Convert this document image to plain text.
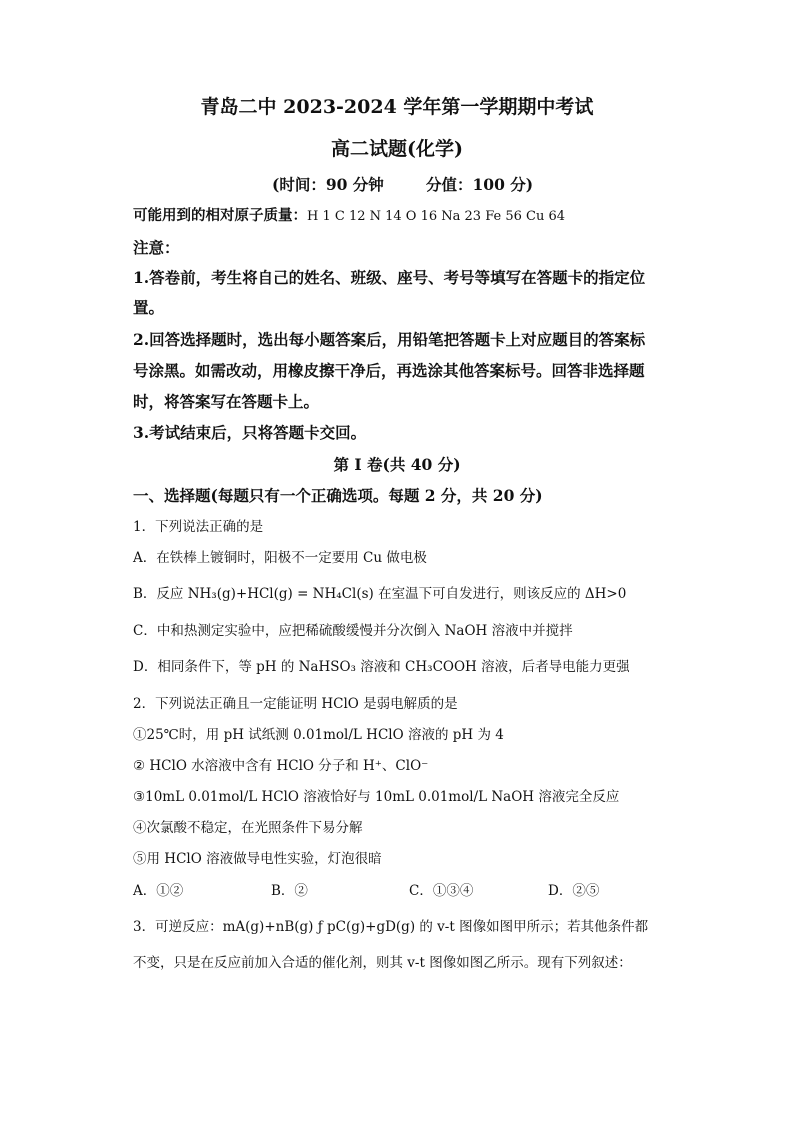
青岛二中 2023-2024 学年第一学期期中考试
高二试题(化学)
(时间：90 分钟	分值：100 分)
可能用到的相对原子质量：H 1 C 12 N 14 O 16 Na 23 Fe 56 Cu 64
注意：
1.答卷前，考生将自己的姓名、班级、座号、考号等填写在答题卡的指定位
置。
2.回答选择题时，选出每小题答案后，用铅笔把答题卡上对应题目的答案标
号涂黑。如需改动，用橡皮擦干净后，再选涂其他答案标号。回答非选择题
时，将答案写在答题卡上。
3.考试结束后，只将答题卡交回。
第 I 卷(共 40 分)
一、选择题(每题只有一个正确选项。每题 2 分，共 20 分)
1．下列说法正确的是
A．在铁棒上镀铜时，阳极不一定要用 Cu 做电极
B．反应 NH₃(g)+HCl(g) = NH₄Cl(s) 在室温下可自发进行，则该反应的 ΔH>0
C．中和热测定实验中，应把稀硫酸缓慢并分次倒入 NaOH 溶液中并搅拌
D．相同条件下，等 pH 的 NaHSO₃ 溶液和 CH₃COOH 溶液，后者导电能力更强
2．下列说法正确且一定能证明 HClO 是弱电解质的是
①25℃时，用 pH 试纸测 0.01mol/L HClO 溶液的 pH 为 4
② HClO 水溶液中含有 HClO 分子和 H⁺、ClO⁻
③10mL 0.01mol/L HClO 溶液恰好与 10mL 0.01mol/L NaOH 溶液完全反应
④次氯酸不稳定，在光照条件下易分解
⑤用 HClO 溶液做导电性实验，灯泡很暗
A．①②	B．②	C．①③④	D．②⑤
3．可逆反应：mA(g)+nB(g) ƒ pC(g)+gD(g) 的 v-t 图像如图甲所示；若其他条件都
不变，只是在反应前加入合适的催化剂，则其 v-t 图像如图乙所示。现有下列叙述：
